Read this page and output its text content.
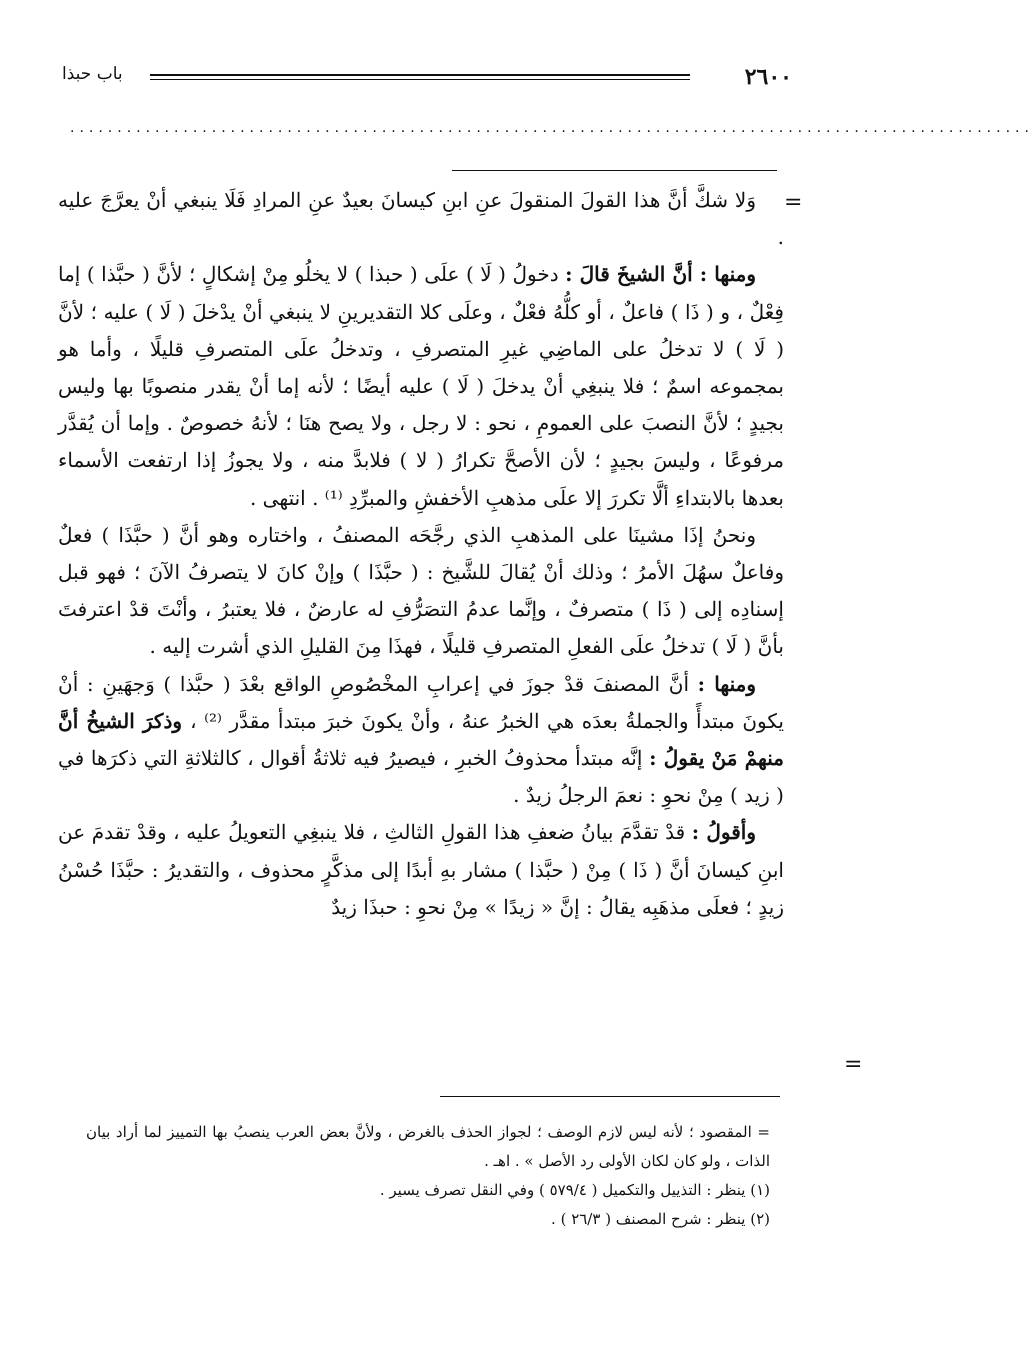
٢٦٠٠
باب حبذا
......................................................................................................
=

وَلا شكَّ أنَّ هذا القولَ المنقولَ عنِ ابنِ كيسانَ بعيدٌ عنِ المرادِ فَلَا ينبغي أنْ يعرَّجَ عليه .

ومنها : أنَّ الشيخَ قالَ : دخولُ ( لَا ) علَى ( حبذا ) لا يخلُو مِنْ إشكالٍ ؛ لأنَّ ( حبَّذا ) إما فِعْلٌ ، و ( ذَا ) فاعلٌ ، أو كلُّهُ فعْلٌ ، وعلَى كلا التقديرينِ لا ينبغي أنْ يدْخلَ ( لَا ) عليه ؛ لأنَّ ( لَا ) لا تدخلُ على الماضِي غيرِ المتصرفِ ، وتدخلُ علَى المتصرفِ قليلًا ، وأما هو بمجموعه اسمٌ ؛ فلا ينبغِي أنْ يدخلَ ( لَا ) عليه أيضًا ؛ لأنه إما أنْ يقدر منصوبًا بها وليس بجيدٍ ؛ لأنَّ النصبَ على العمومِ ، نحو : لا رجل ، ولا يصح هنَا ؛ لأنهُ خصوصٌ . وإما أن يُقدَّر مرفوعًا ، وليسَ بجيدٍ ؛ لأن الأصحَّ تكرارُ ( لا ) فلابدَّ منه ، ولا يجوزُ إذا ارتفعت الأسماء بعدها بالابتداءِ ألَّا تكررَ إلا علَى مذهبِ الأخفشِ والمبرِّدِ ⁽¹⁾ . انتهى .

ونحنُ إذَا مشينَا على المذهبِ الذي رجَّحَه المصنفُ ، واختاره وهو أنَّ ( حبَّذَا ) فعلٌ وفاعلٌ سهُلَ الأمرُ ؛ وذلك أنْ يُقالَ للشَّيخ : ( حبَّذَا ) وإنْ كانَ لا يتصرفُ الآنَ ؛ فهو قبل إسنادِه إلى ( ذَا ) متصرفٌ ، وإنَّما عدمُ التصَرُّفِ له عارضٌ ، فلا يعتبرُ ، وأنْتَ قدْ اعترفتَ بأنَّ ( لَا ) تدخلُ علَى الفعلِ المتصرفِ قليلًا ، فهذَا مِنَ القليلِ الذي أشرت إليه .

ومنها : أنَّ المصنفَ قدْ جوزَ في إعرابِ المخْصُوصِ الواقع بعْدَ ( حبَّذا ) وَجهَينِ : أنْ يكونَ مبتدأً والجملةُ بعدَه هي الخبرُ عنهُ ، وأنْ يكونَ خبرَ مبتدأ مقدَّر ⁽²⁾ ، وذكرَ الشيخُ أنَّ منهمْ مَنْ يقولُ : إنَّه مبتدأ محذوفُ الخبرِ ، فيصيرُ فيه ثلاثةُ أقوال ، كالثلاثةِ التي ذكرَها في ( زيد ) مِنْ نحوِ : نعمَ الرجلُ زيدٌ .

وأقولُ : قدْ تقدَّمَ بيانُ ضعفِ هذا القولِ الثالثِ ، فلا ينبغِي التعويلُ عليه ، وقدْ تقدمَ عن ابنِ كيسانَ أنَّ ( ذَا ) مِنْ ( حبَّذا ) مشار بهِ أبدًا إلى مذكَّرٍ محذوف ، والتقديرُ : حبَّذَا حُسْنُ زيدٍ ؛ فعلَى مذهَبِه يقالُ : إنَّ « زيدًا » مِنْ نحوِ : حبذَا زيدٌ

=

= المقصود ؛ لأنه ليس لازم الوصف ؛ لجواز الحذف بالغرض ، ولأنَّ بعض العرب ينصبُ بها التمييز لما أراد بيان الذات ، ولو كان لكان الأولى رد الأصل » . اهـ .

(١) ينظر : التذييل والتكميل ( ٥٧٩/٤ ) وفي النقل تصرف يسير .

(٢) ينظر : شرح المصنف ( ٢٦/٣ ) .
